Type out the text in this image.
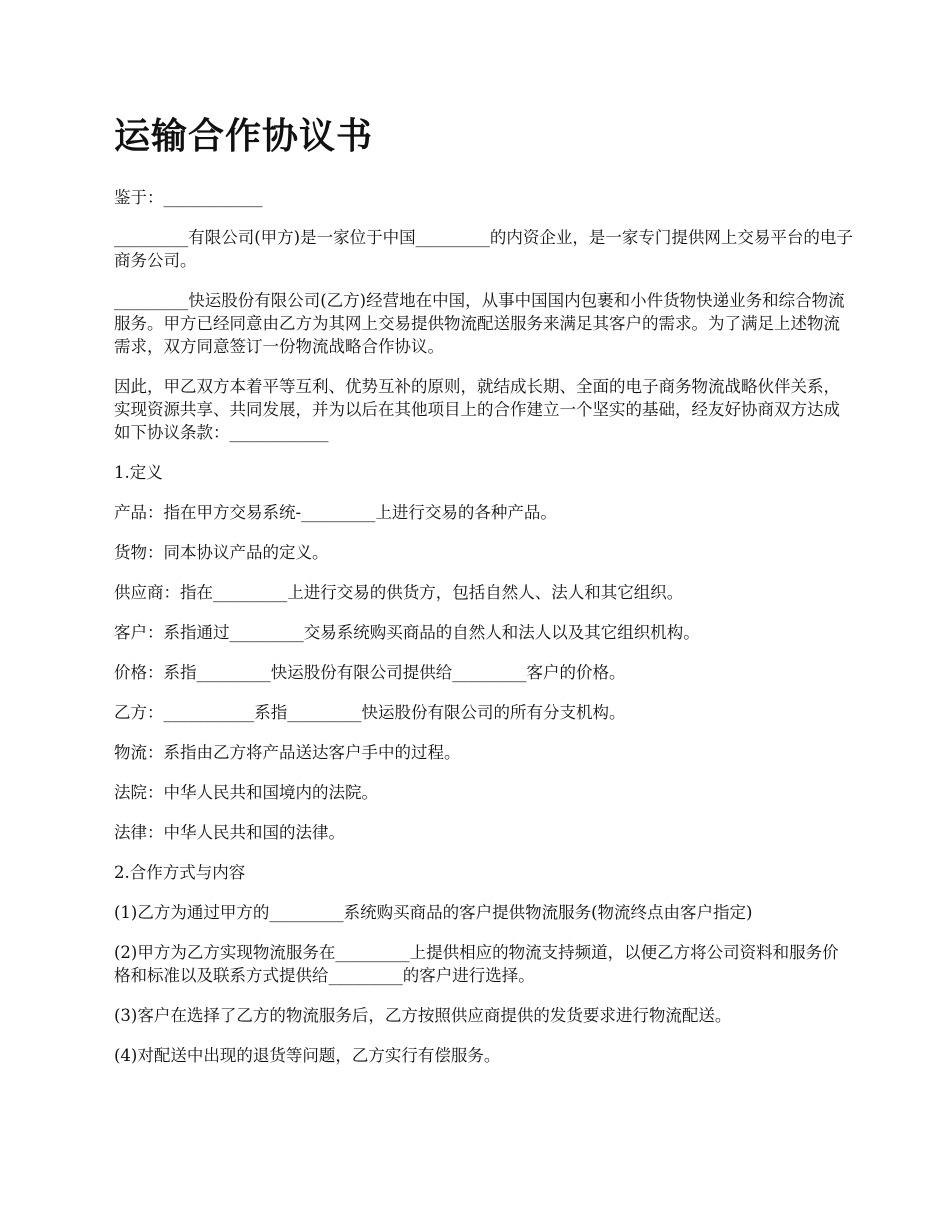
运输合作协议书

鉴于：____________

_________有限公司(甲方)是一家位于中国_________的内资企业，是一家专门提供网上交易平台的电子商务公司。

_________快运股份有限公司(乙方)经营地在中国，从事中国国内包裹和小件货物快递业务和综合物流服务。甲方已经同意由乙方为其网上交易提供物流配送服务来满足其客户的需求。为了满足上述物流需求，双方同意签订一份物流战略合作协议。

因此，甲乙双方本着平等互利、优势互补的原则，就结成长期、全面的电子商务物流战略伙伴关系，实现资源共享、共同发展，并为以后在其他项目上的合作建立一个坚实的基础，经友好协商双方达成如下协议条款：____________

1.定义

产品：指在甲方交易系统-_________上进行交易的各种产品。

货物：同本协议产品的定义。

供应商：指在_________上进行交易的供货方，包括自然人、法人和其它组织。

客户：系指通过_________交易系统购买商品的自然人和法人以及其它组织机构。

价格：系指_________快运股份有限公司提供给_________客户的价格。

乙方：___________系指_________快运股份有限公司的所有分支机构。

物流：系指由乙方将产品送达客户手中的过程。

法院：中华人民共和国境内的法院。

法律：中华人民共和国的法律。

2.合作方式与内容

(1)乙方为通过甲方的_________系统购买商品的客户提供物流服务(物流终点由客户指定)

(2)甲方为乙方实现物流服务在_________上提供相应的物流支持频道，以便乙方将公司资料和服务价格和标准以及联系方式提供给_________的客户进行选择。

(3)客户在选择了乙方的物流服务后，乙方按照供应商提供的发货要求进行物流配送。

(4)对配送中出现的退货等问题，乙方实行有偿服务。
